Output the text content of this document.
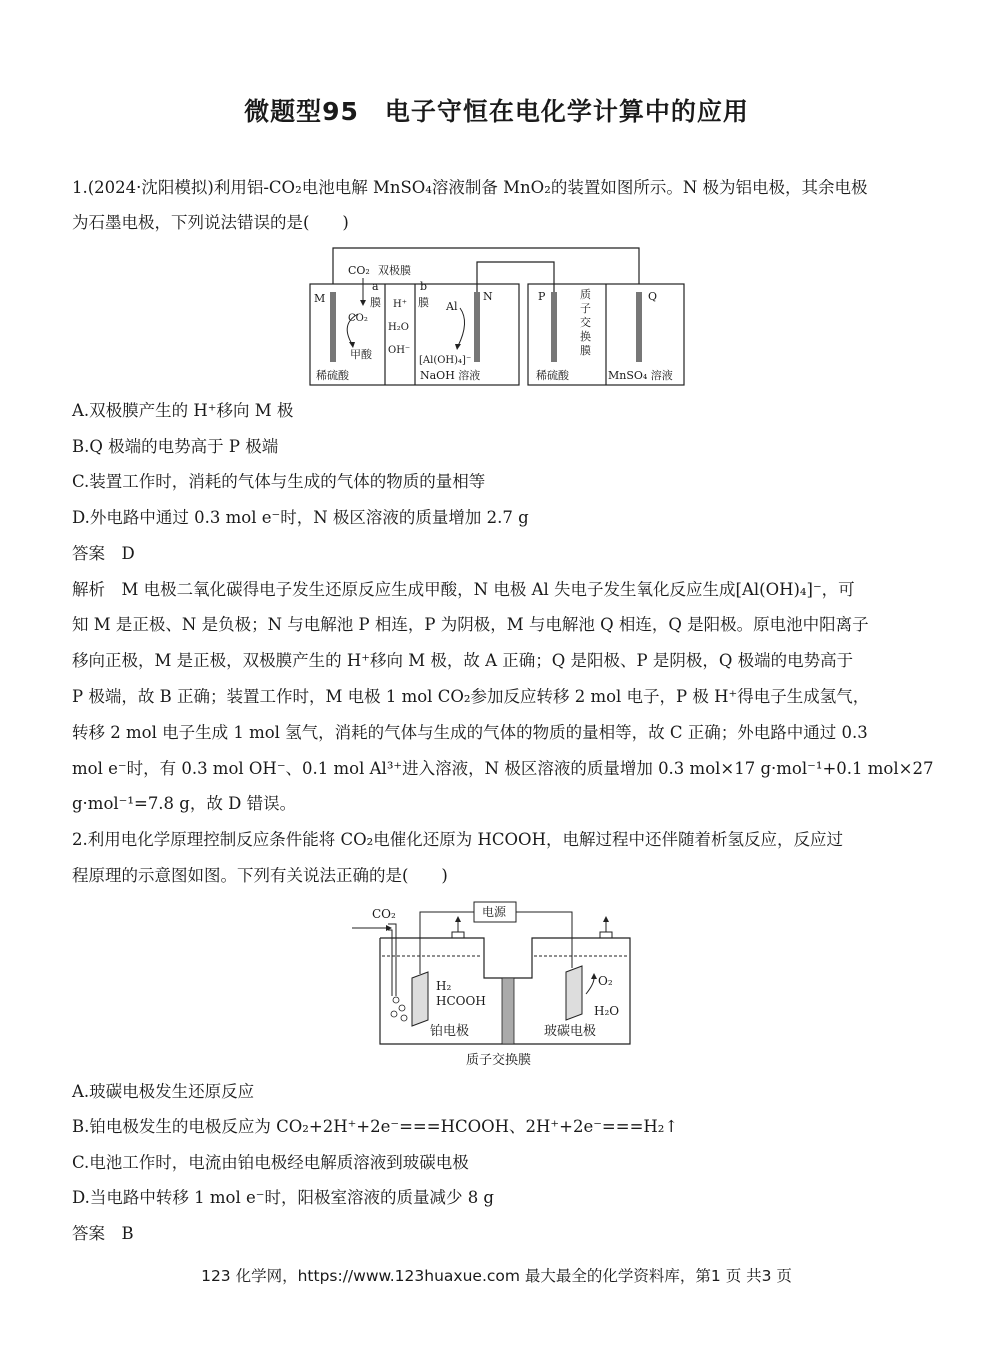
微题型95　电子守恒在电化学计算中的应用
1.(2024·沈阳模拟)利用铝-CO₂电池电解 MnSO₄溶液制备 MnO₂的装置如图所示。N 极为铝电极，其余电极
为石墨电极，下列说法错误的是(　　)
CO₂ 双极膜
a
膜
b
膜
M	N	P	Q
H⁺
H₂O
OH⁻
CO₂
甲酸
Al
[Al(OH)₄]⁻
稀硫酸	NaOH 溶液	稀硫酸	MnSO₄ 溶液
质
子
交
换
膜
A.双极膜产生的 H⁺移向 M 极
B.Q 极端的电势高于 P 极端
C.装置工作时，消耗的气体与生成的气体的物质的量相等
D.外电路中通过 0.3 mol e⁻时，N 极区溶液的质量增加 2.7 g
答案　D
解析　M 电极二氧化碳得电子发生还原反应生成甲酸，N 电极 Al 失电子发生氧化反应生成[Al(OH)₄]⁻，可
知 M 是正极、N 是负极；N 与电解池 P 相连，P 为阴极，M 与电解池 Q 相连，Q 是阳极。原电池中阳离子
移向正极，M 是正极，双极膜产生的 H⁺移向 M 极，故 A 正确；Q 是阳极、P 是阴极，Q 极端的电势高于
P 极端，故 B 正确；装置工作时，M 电极 1 mol CO₂参加反应转移 2 mol 电子，P 极 H⁺得电子生成氢气，
转移 2 mol 电子生成 1 mol 氢气，消耗的气体与生成的气体的物质的量相等，故 C 正确；外电路中通过 0.3
mol e⁻时，有 0.3 mol OH⁻、0.1 mol Al³⁺进入溶液，N 极区溶液的质量增加 0.3 mol×17 g·mol⁻¹+0.1 mol×27
g·mol⁻¹=7.8 g，故 D 错误。
2.利用电化学原理控制反应条件能将 CO₂电催化还原为 HCOOH，电解过程中还伴随着析氢反应，反应过
程原理的示意图如图。下列有关说法正确的是(　　)
CO₂	电源
H₂
HCOOH
O₂
H₂O
铂电极	玻碳电极
质子交换膜
A.玻碳电极发生还原反应
B.铂电极发生的电极反应为 CO₂+2H⁺+2e⁻===HCOOH、2H⁺+2e⁻===H₂↑
C.电池工作时，电流由铂电极经电解质溶液到玻碳电极
D.当电路中转移 1 mol e⁻时，阳极室溶液的质量减少 8 g
答案　B
123 化学网，https://www.123huaxue.com 最大最全的化学资料库，第1 页 共3 页
